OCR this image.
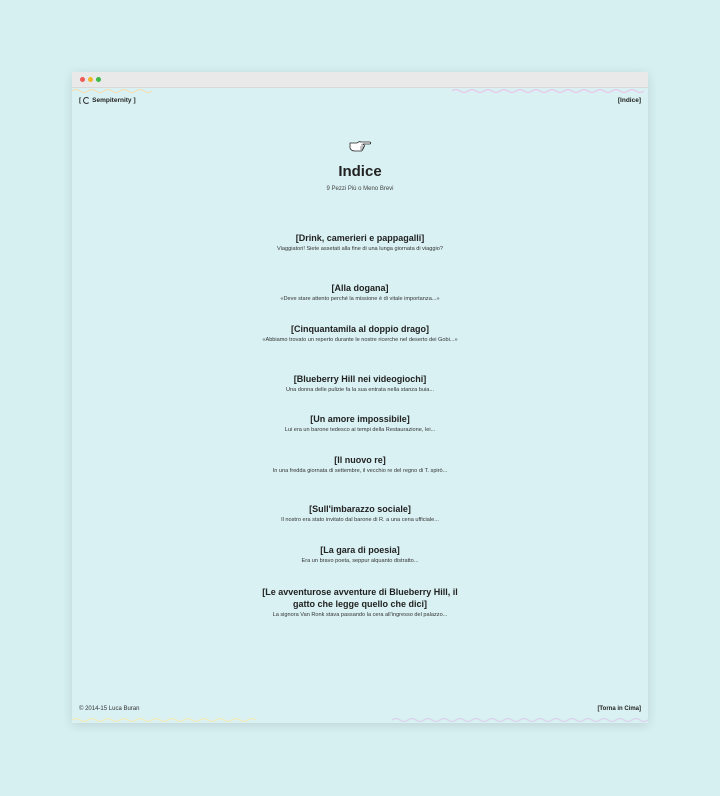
[ Sempiternity ]	[Indice]
Indice
9 Pezzi Più o Meno Brevi
[Drink, camerieri e pappagalli]
Viaggiatori! Siete assetati alla fine di una lunga giornata di viaggio?
[Alla dogana]
«Deve stare attento perché la missione è di vitale importanza...»
[Cinquantamila al doppio drago]
«Abbiamo trovato un reperto durante le nostre ricerche nel deserto dei Gobi...»
[Blueberry Hill nei videogiochi]
Una donna delle pulizie fa la sua entrata nella stanza buia...
[Un amore impossibile]
Lui era un barone tedesco ai tempi della Restaurazione, lei...
[Il nuovo re]
In una fredda giornata di settembre, il vecchio re del regno di T. spirò...
[Sull'imbarazzo sociale]
Il nostro era stato invitato dal barone di R. a una cena ufficiale...
[La gara di poesia]
Era un bravo poeta, seppur alquanto distratto...
[Le avventurose avventure di Blueberry Hill, il gatto che legge quello che dici]
La signora Van Ronk stava passando la cera all'ingresso del palazzo...
© 2014-15 Luca Buran	[Torna in Cima]
